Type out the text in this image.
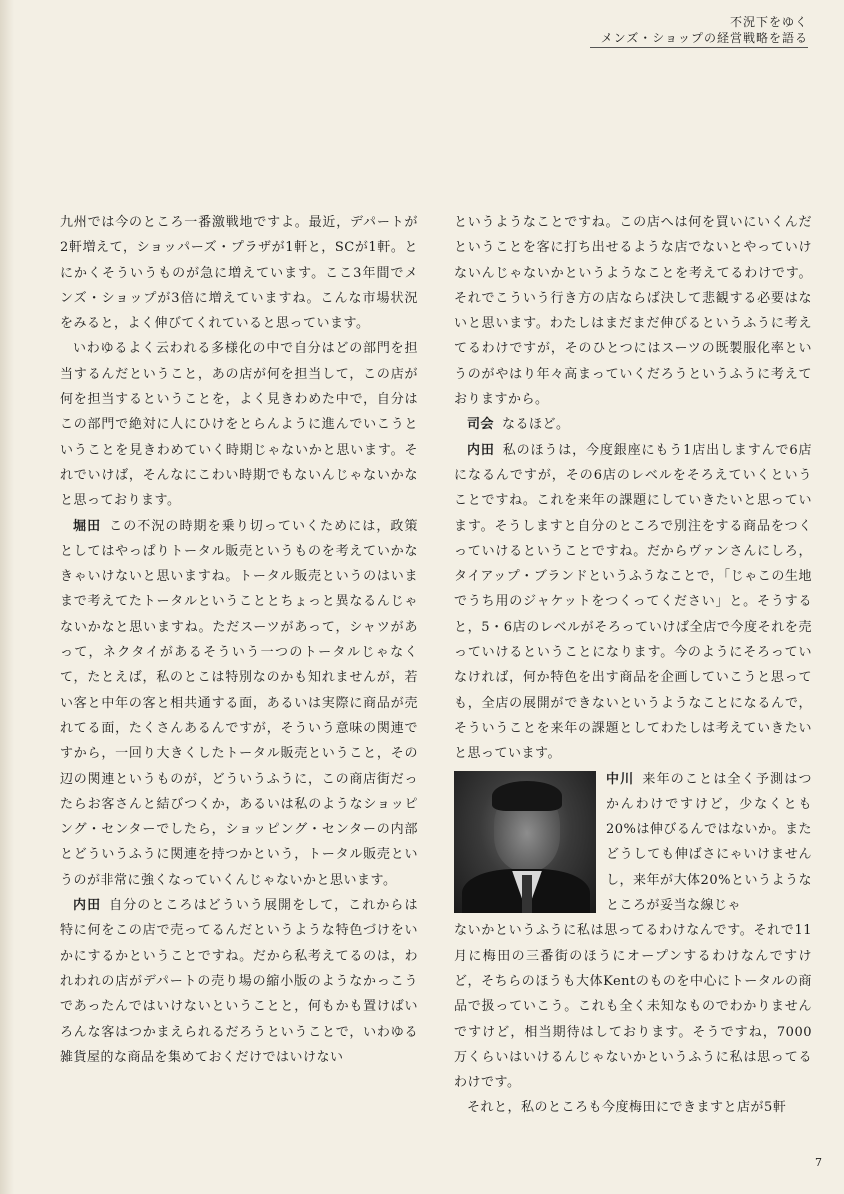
不況下をゆく
メンズ・ショップの経営戦略を語る

九州では今のところ一番激戦地ですよ。最近，デパートが2軒増えて，ショッパーズ・プラザが1軒と，SCが1軒。とにかくそういうものが急に増えています。ここ3年間でメンズ・ショップが3倍に増えていますね。こんな市場状況をみると，よく伸びてくれていると思っています。

いわゆるよく云われる多様化の中で自分はどの部門を担当するんだということ，あの店が何を担当して，この店が何を担当するということを，よく見きわめた中で，自分はこの部門で絶対に人にひけをとらんように進んでいこうということを見きわめていく時期じゃないかと思います。それでいけば，そんなにこわい時期でもないんじゃないかなと思っております。

堀田 この不況の時期を乗り切っていくためには，政策としてはやっぱりトータル販売というものを考えていかなきゃいけないと思いますね。トータル販売というのはいままで考えてたトータルということとちょっと異なるんじゃないかなと思いますね。ただスーツがあって，シャツがあって，ネクタイがあるそういう一つのトータルじゃなくて，たとえば，私のとこは特別なのかも知れませんが，若い客と中年の客と相共通する面，あるいは実際に商品が売れてる面，たくさんあるんですが，そういう意味の関連ですから，一回り大きくしたトータル販売ということ，その辺の関連というものが，どういうふうに，この商店街だったらお客さんと結びつくか，あるいは私のようなショッピング・センターでしたら，ショッピング・センターの内部とどういうふうに関連を持つかという，トータル販売というのが非常に強くなっていくんじゃないかと思います。

内田 自分のところはどういう展開をして，これからは特に何をこの店で売ってるんだというような特色づけをいかにするかということですね。だから私考えてるのは，われわれの店がデパートの売り場の縮小版のようなかっこうであったんではいけないということと，何もかも置けばいろんな客はつかまえられるだろうということで，いわゆる雑貨屋的な商品を集めておくだけではいけない

というようなことですね。この店へは何を買いにいくんだということを客に打ち出せるような店でないとやっていけないんじゃないかというようなことを考えてるわけです。それでこういう行き方の店ならば決して悲観する必要はないと思います。わたしはまだまだ伸びるというふうに考えてるわけですが，そのひとつにはスーツの既製服化率というのがやはり年々高まっていくだろうというふうに考えておりますから。

司会 なるほど。

内田 私のほうは，今度銀座にもう1店出しますんで6店になるんですが，その6店のレベルをそろえていくということですね。これを来年の課題にしていきたいと思っています。そうしますと自分のところで別注をする商品をつくっていけるということですね。だからヴァンさんにしろ，タイアップ・ブランドというふうなことで，「じゃこの生地でうち用のジャケットをつくってください」と。そうすると，5・6店のレベルがそろっていけば全店で今度それを売っていけるということになります。今のようにそろっていなければ，何か特色を出す商品を企画していこうと思っても，全店の展開ができないというようなことになるんで，そういうことを来年の課題としてわたしは考えていきたいと思っています。

中川 来年のことは全く予測はつかんわけですけど，少なくとも20%は伸びるんではないか。またどうしても伸ばさにゃいけませんし，来年が大体20%というようなところが妥当な線じゃ

ないかというふうに私は思ってるわけなんです。それで11月に梅田の三番街のほうにオープンするわけなんですけど，そちらのほうも大体Kentのものを中心にトータルの商品で扱っていこう。これも全く未知なものでわかりませんですけど，相当期待はしております。そうですね，7000万くらいはいけるんじゃないかというふうに私は思ってるわけです。

それと，私のところも今度梅田にできますと店が5軒

7
